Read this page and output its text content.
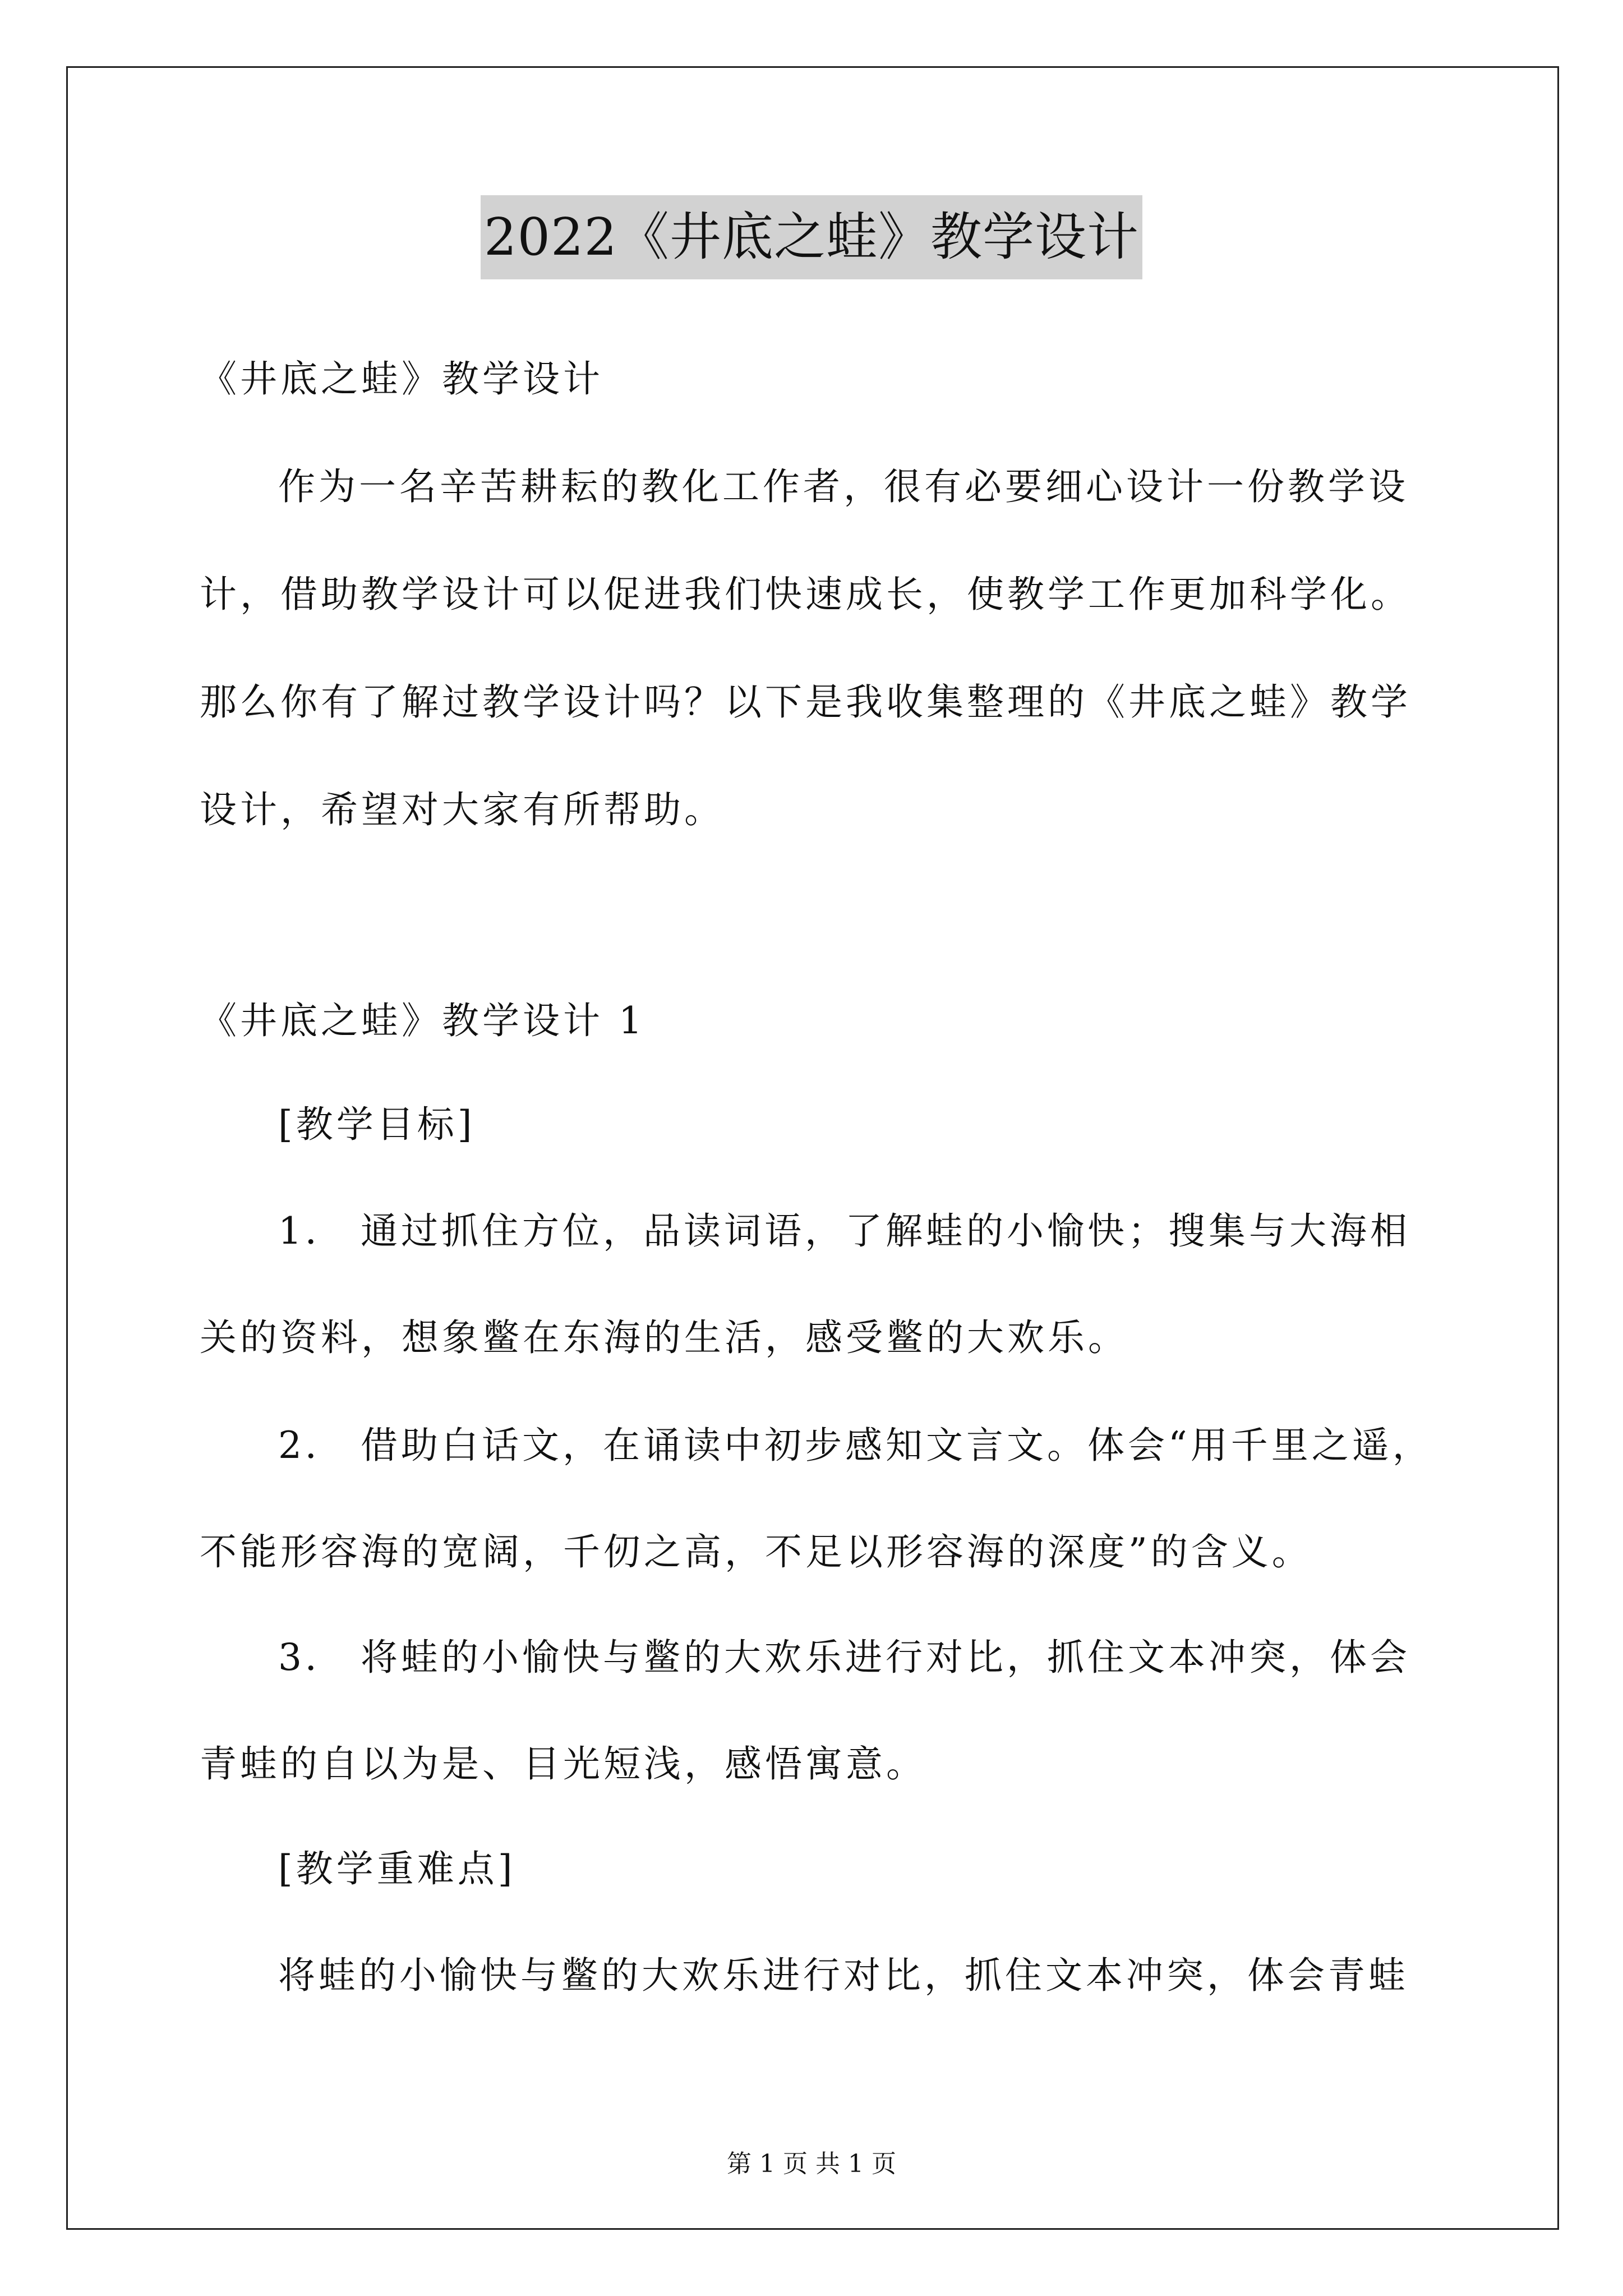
2022《井底之蛙》教学设计
《井底之蛙》教学设计
作为一名辛苦耕耘的教化工作者，很有必要细心设计一份教学设
计，借助教学设计可以促进我们快速成长，使教学工作更加科学化。
那么你有了解过教学设计吗？以下是我收集整理的《井底之蛙》教学
设计，希望对大家有所帮助。
《井底之蛙》教学设计 1
[教学目标]
1． 通过抓住方位，品读词语，了解蛙的小愉快；搜集与大海相
关的资料，想象鳖在东海的生活，感受鳖的大欢乐。
2． 借助白话文，在诵读中初步感知文言文。体会“用千里之遥，
不能形容海的宽阔，千仞之高，不足以形容海的深度”的含义。
3． 将蛙的小愉快与鳖的大欢乐进行对比，抓住文本冲突，体会
青蛙的自以为是、目光短浅，感悟寓意。
[教学重难点]
将蛙的小愉快与鳖的大欢乐进行对比，抓住文本冲突，体会青蛙
第 1 页 共 1 页
